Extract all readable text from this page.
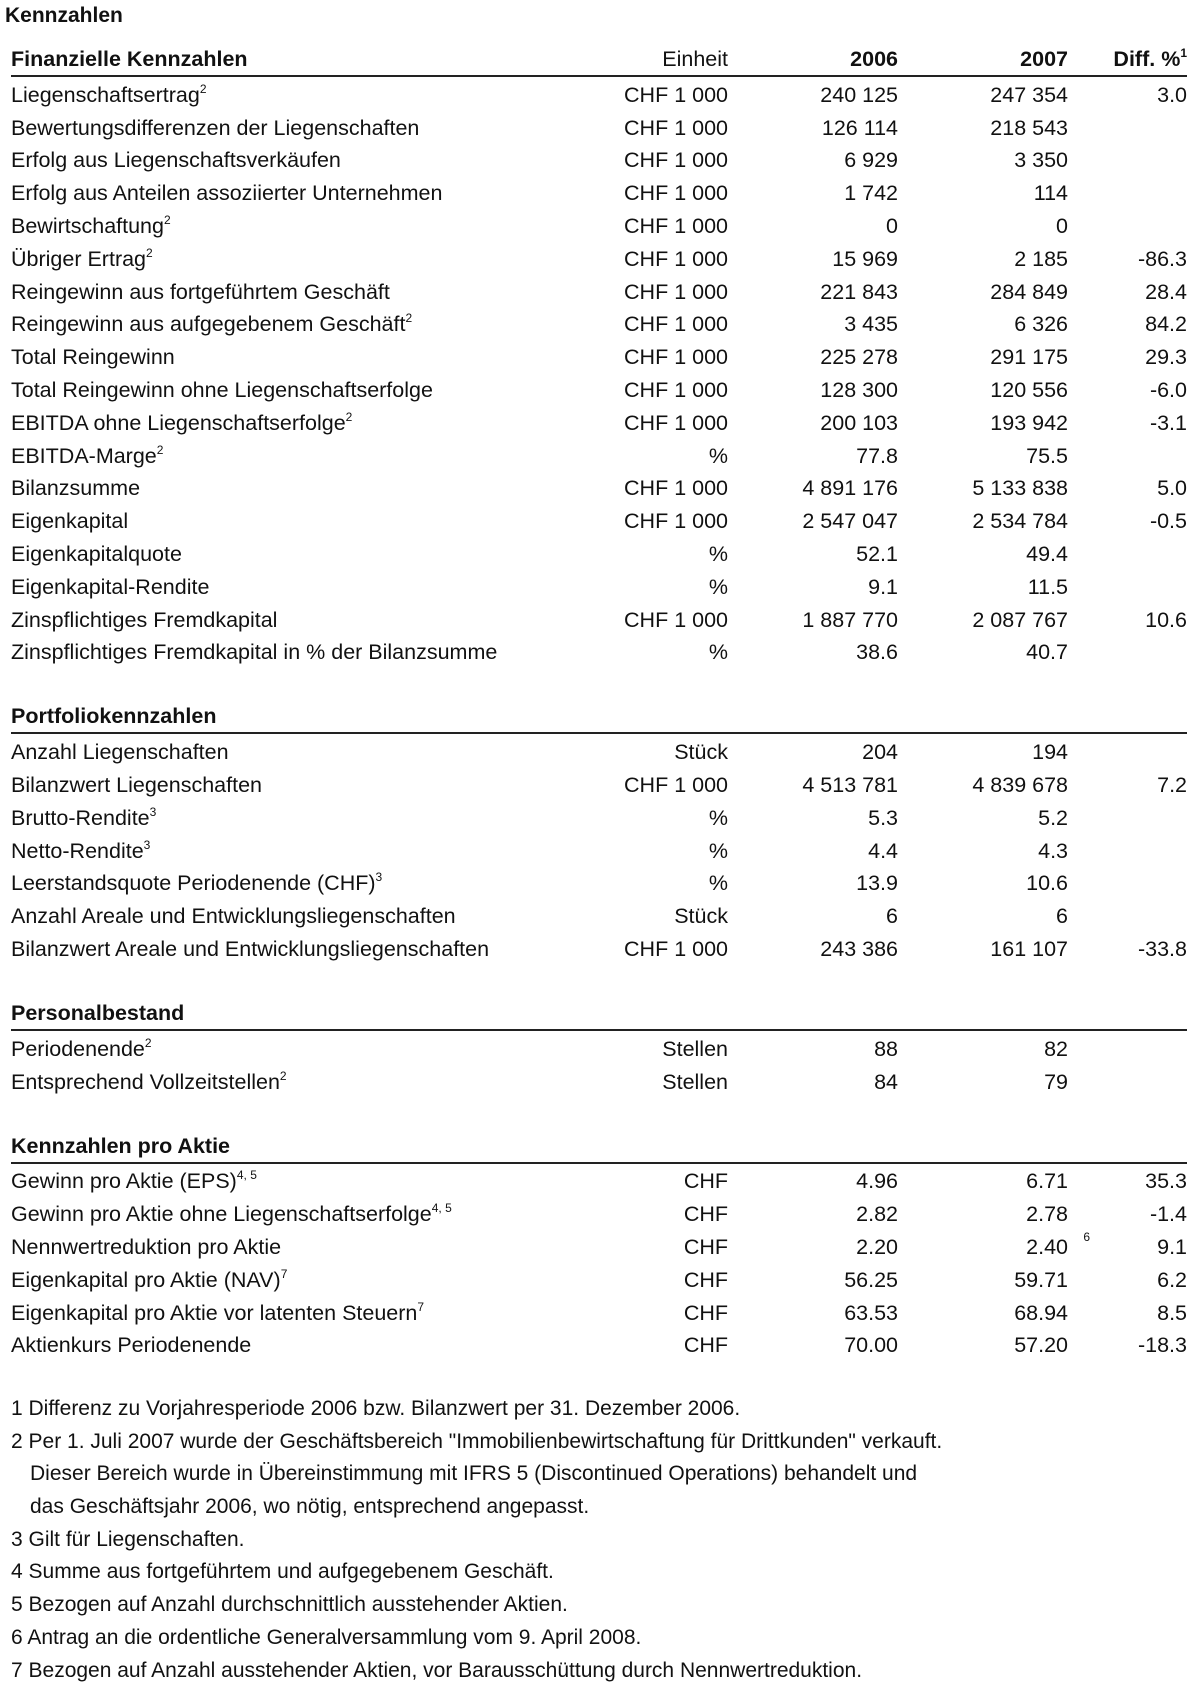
Kennzahlen
Finanzielle Kennzahlen	Einheit	2006	2007	Diff. %$^1$
Liegenschaftsertrag$^2$	CHF 1 000	240 125	247 354	3.0
Bewertungsdifferenzen der Liegenschaften	CHF 1 000	126 114	218 543
Erfolg aus Liegenschaftsverkäufen	CHF 1 000	6 929	3 350
Erfolg aus Anteilen assoziierter Unternehmen	CHF 1 000	1 742	114
Bewirtschaftung$^2$	CHF 1 000	0	0
Übriger Ertrag$^2$	CHF 1 000	15 969	2 185	-86.3
Reingewinn aus fortgeführtem Geschäft	CHF 1 000	221 843	284 849	28.4
Reingewinn aus aufgegebenem Geschäft$^2$	CHF 1 000	3 435	6 326	84.2
Total Reingewinn	CHF 1 000	225 278	291 175	29.3
Total Reingewinn ohne Liegenschaftserfolge	CHF 1 000	128 300	120 556	-6.0
EBITDA ohne Liegenschaftserfolge$^2$	CHF 1 000	200 103	193 942	-3.1
EBITDA-Marge$^2$	%	77.8	75.5
Bilanzsumme	CHF 1 000	4 891 176	5 133 838	5.0
Eigenkapital	CHF 1 000	2 547 047	2 534 784	-0.5
Eigenkapitalquote	%	52.1	49.4
Eigenkapital-Rendite	%	9.1	11.5
Zinspflichtiges Fremdkapital	CHF 1 000	1 887 770	2 087 767	10.6
Zinspflichtiges Fremdkapital in % der Bilanzsumme	%	38.6	40.7
Portfoliokennzahlen
Anzahl Liegenschaften	Stück	204	194
Bilanzwert Liegenschaften	CHF 1 000	4 513 781	4 839 678	7.2
Brutto-Rendite$^3$	%	5.3	5.2
Netto-Rendite$^3$	%	4.4	4.3
Leerstandsquote Periodenende (CHF)$^3$	%	13.9	10.6
Anzahl Areale und Entwicklungsliegenschaften	Stück	6	6
Bilanzwert Areale und Entwicklungsliegenschaften	CHF 1 000	243 386	161 107	-33.8
Personalbestand
Periodenende$^2$	Stellen	88	82
Entsprechend Vollzeitstellen$^2$	Stellen	84	79
Kennzahlen pro Aktie
Gewinn pro Aktie (EPS)$^{4, 5}$	CHF	4.96	6.71	35.3
Gewinn pro Aktie ohne Liegenschaftserfolge$^{4, 5}$	CHF	2.82	2.78	-1.4
Nennwertreduktion pro Aktie	CHF	2.20	2.40 6	9.1
Eigenkapital pro Aktie (NAV)$^7$	CHF	56.25	59.71	6.2
Eigenkapital pro Aktie vor latenten Steuern$^7$	CHF	63.53	68.94	8.5
Aktienkurs Periodenende	CHF	70.00	57.20	-18.3
1 Differenz zu Vorjahresperiode 2006 bzw. Bilanzwert per 31. Dezember 2006.
2 Per 1. Juli 2007 wurde der Geschäftsbereich "Immobilienbewirtschaftung für Drittkunden" verkauft.
Dieser Bereich wurde in Übereinstimmung mit IFRS 5 (Discontinued Operations) behandelt und
das Geschäftsjahr 2006, wo nötig, entsprechend angepasst.
3 Gilt für Liegenschaften.
4 Summe aus fortgeführtem und aufgegebenem Geschäft.
5 Bezogen auf Anzahl durchschnittlich ausstehender Aktien.
6 Antrag an die ordentliche Generalversammlung vom 9. April 2008.
7 Bezogen auf Anzahl ausstehender Aktien, vor Barausschüttung durch Nennwertreduktion.
